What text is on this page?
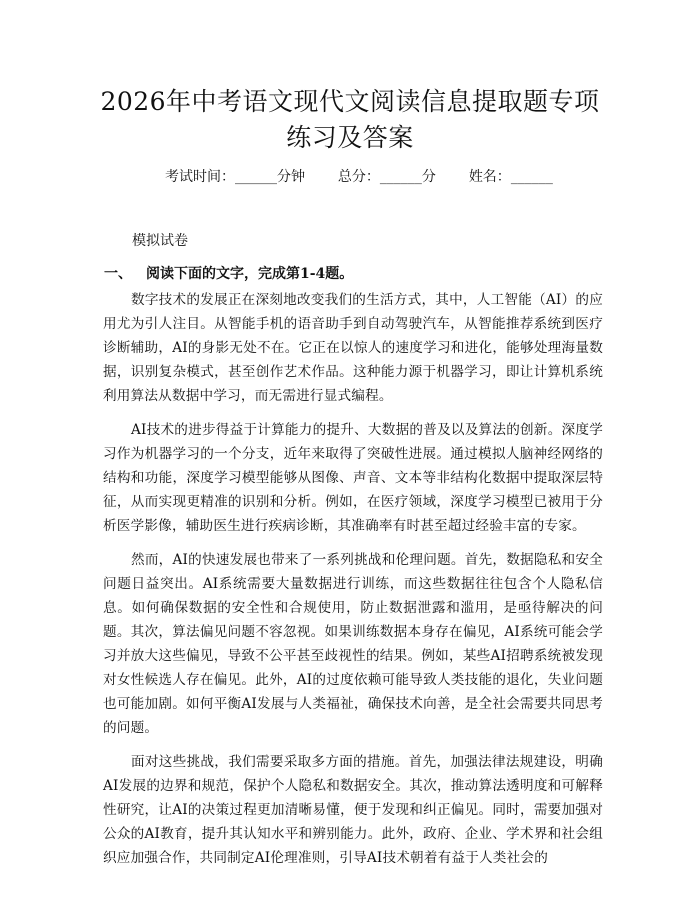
2026年中考语文现代文阅读信息提取题专项练习及答案
考试时间：______分钟 总分：______分 姓名：______
模拟试卷
一、 阅读下面的文字，完成第1-4题。

数字技术的发展正在深刻地改变我们的生活方式，其中，人工智能（AI）的应用尤为引人注目。从智能手机的语音助手到自动驾驶汽车，从智能推荐系统到医疗诊断辅助，AI的身影无处不在。它正在以惊人的速度学习和进化，能够处理海量数据，识别复杂模式，甚至创作艺术作品。这种能力源于机器学习，即让计算机系统利用算法从数据中学习，而无需进行显式编程。

AI技术的进步得益于计算能力的提升、大数据的普及以及算法的创新。深度学习作为机器学习的一个分支，近年来取得了突破性进展。通过模拟人脑神经网络的结构和功能，深度学习模型能够从图像、声音、文本等非结构化数据中提取深层特征，从而实现更精准的识别和分析。例如，在医疗领域，深度学习模型已被用于分析医学影像，辅助医生进行疾病诊断，其准确率有时甚至超过经验丰富的专家。

然而，AI的快速发展也带来了一系列挑战和伦理问题。首先，数据隐私和安全问题日益突出。AI系统需要大量数据进行训练，而这些数据往往包含个人隐私信息。如何确保数据的安全性和合规使用，防止数据泄露和滥用，是亟待解决的问题。其次，算法偏见问题不容忽视。如果训练数据本身存在偏见，AI系统可能会学习并放大这些偏见，导致不公平甚至歧视性的结果。例如，某些AI招聘系统被发现对女性候选人存在偏见。此外，AI的过度依赖可能导致人类技能的退化，失业问题也可能加剧。如何平衡AI发展与人类福祉，确保技术向善，是全社会需要共同思考的问题。

面对这些挑战，我们需要采取多方面的措施。首先，加强法律法规建设，明确AI发展的边界和规范，保护个人隐私和数据安全。其次，推动算法透明度和可解释性研究，让AI的决策过程更加清晰易懂，便于发现和纠正偏见。同时，需要加强对公众的AI教育，提升其认知水平和辨别能力。此外，政府、企业、学术界和社会组织应加强合作，共同制定AI伦理准则，引导AI技术朝着有益于人类社会的
